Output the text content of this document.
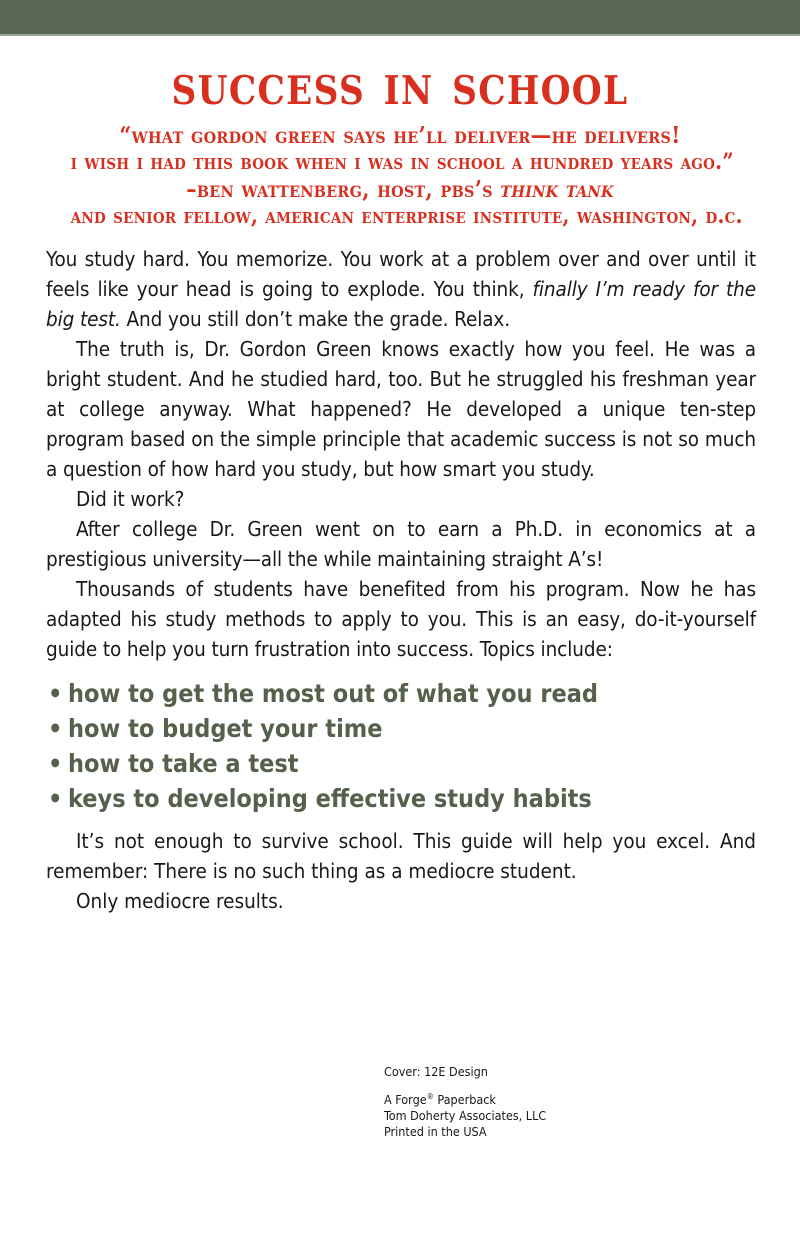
success in school
“what gordon green says he’ll deliver—he delivers!
i wish i had this book when i was in school a hundred years ago.”
–ben wattenberg, host, pbs’s think tank
and senior fellow, american enterprise institute, washington, d.c.

You study hard. You memorize. You work at a problem over and over until it feels like your head is going to explode. You think, finally I’m ready for the big test. And you still don’t make the grade. Relax.

The truth is, Dr. Gordon Green knows exactly how you feel. He was a bright student. And he studied hard, too. But he struggled his freshman year at college anyway. What happened? He developed a unique ten-step program based on the simple principle that academic success is not so much a question of how hard you study, but how smart you study.

Did it work?

After college Dr. Green went on to earn a Ph.D. in economics at a prestigious university—all the while maintaining straight A’s!

Thousands of students have benefited from his program. Now he has adapted his study methods to apply to you. This is an easy, do-it-yourself guide to help you turn frustration into success. Topics include:

• how to get the most out of what you read
• how to budget your time
• how to take a test
• keys to developing effective study habits

It’s not enough to survive school. This guide will help you excel. And remember: There is no such thing as a mediocre student.

Only mediocre results.

Cover: 12E Design
A Forge® Paperback
Tom Doherty Associates, LLC
Printed in the USA
